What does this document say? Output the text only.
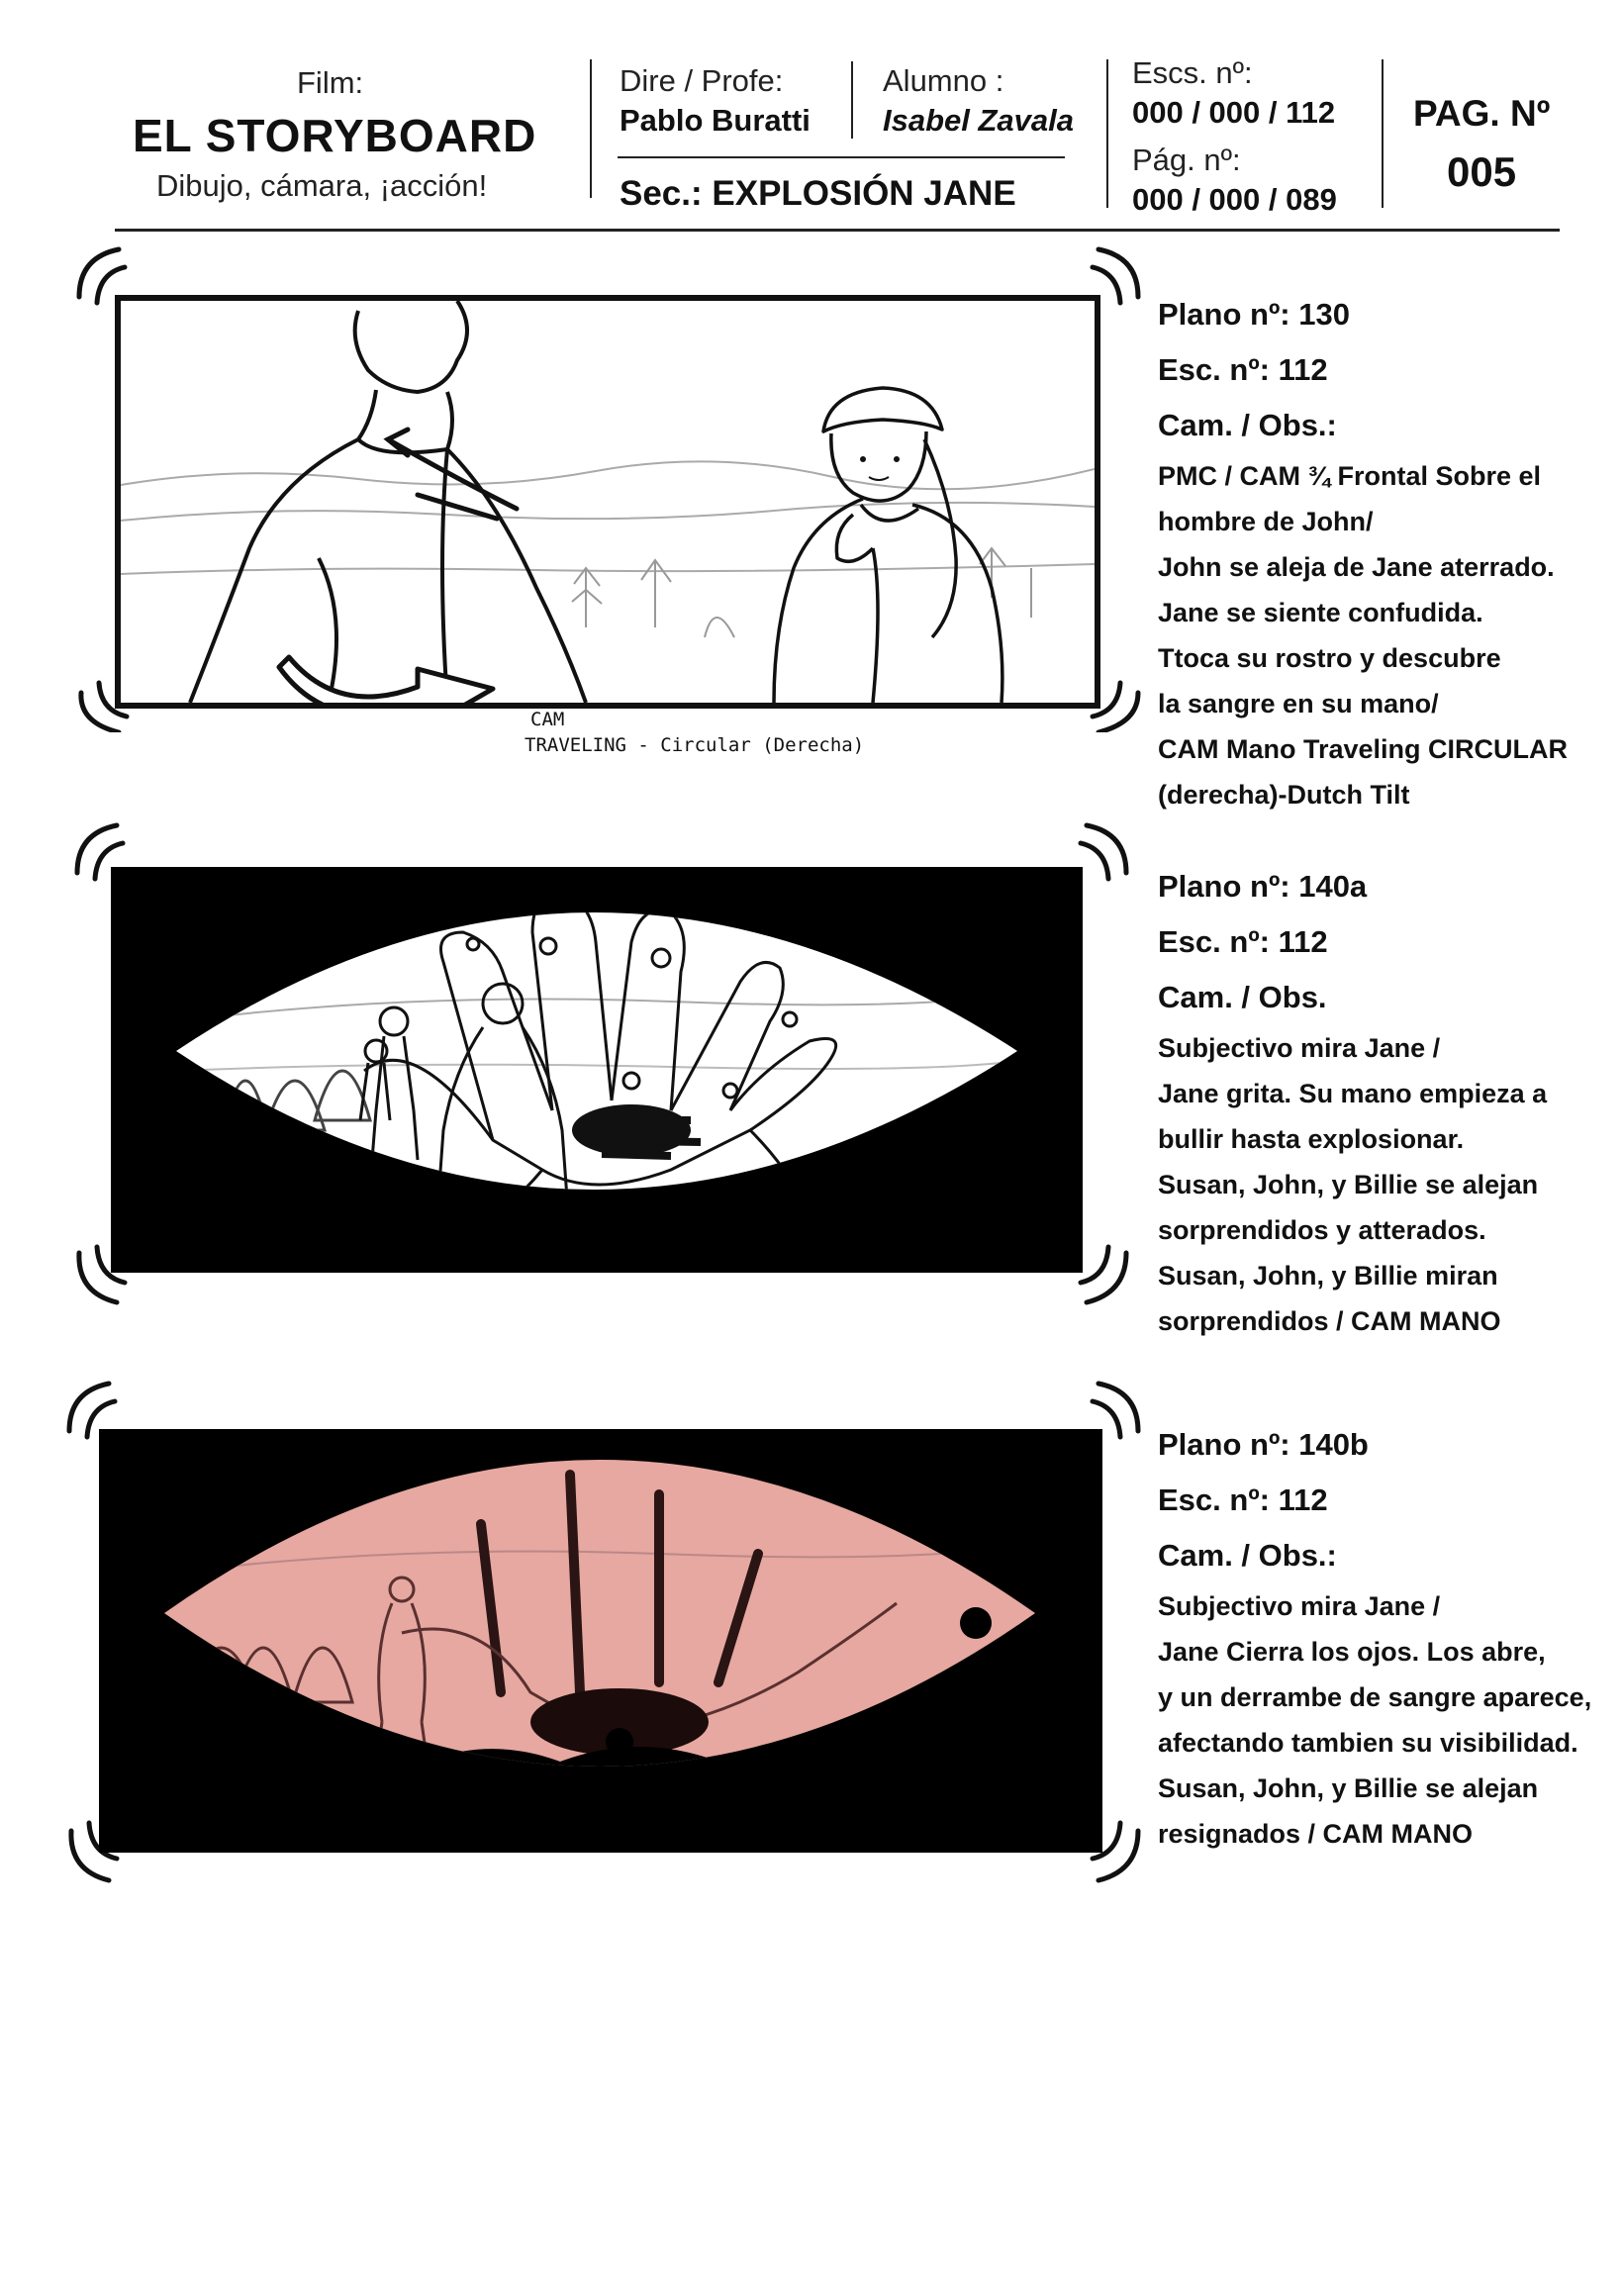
Film:
EL STORYBOARD
Dibujo, cámara, ¡acción!
Dire / Profe:
Pablo Buratti
Alumno :
Isabel Zavala
Sec.: EXPLOSIÓN JANE
Escs. nº:
000 / 000 / 112
Pág. nº:
000 / 000 / 089
PAG. Nº
005
CAM
TRAVELING - Circular (Derecha)

Plano nº: 130

Esc. nº: 112

Cam. / Obs.:

PMC / CAM ¾ Frontal Sobre el

hombre de John/

John se aleja de Jane aterrado.

Jane se siente confudida.

Ttoca su rostro y descubre

la sangre en su mano/

CAM Mano Traveling CIRCULAR

(derecha)-Dutch Tilt

Plano nº: 140a

Esc. nº: 112

Cam. / Obs.

Subjectivo mira Jane /

Jane grita. Su mano empieza a

bullir hasta explosionar.

Susan, John, y Billie se alejan

sorprendidos y atterados.

Susan, John, y Billie miran

sorprendidos / CAM MANO

Plano nº: 140b

Esc. nº: 112

Cam. / Obs.:

Subjectivo mira Jane /

Jane Cierra los ojos. Los abre,

y un derrambe de sangre aparece,

afectando tambien su visibilidad.

Susan, John, y Billie se alejan

resignados / CAM MANO
